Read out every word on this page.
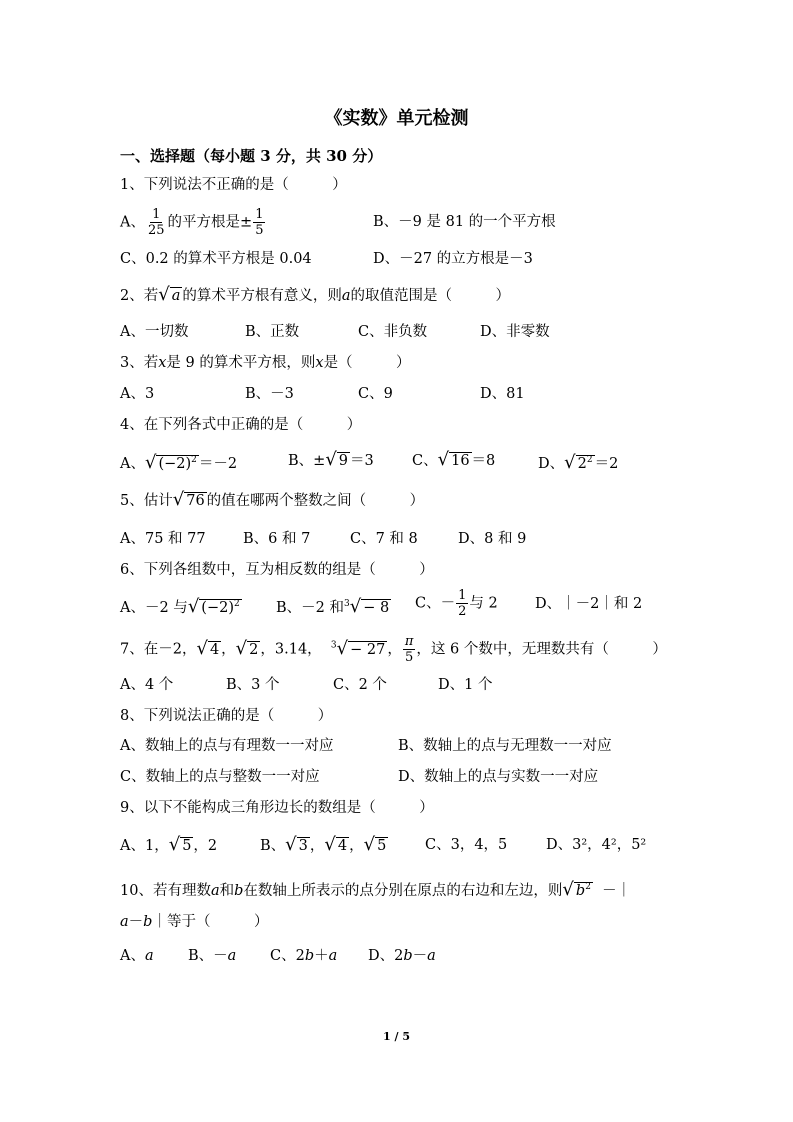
《实数》单元检测
一、选择题（每小题 3 分，共 30 分）
1、下列说法不正确的是（　　　）
A、 $\frac{1}{25}$ 的平方根是± $\frac{1}{5}$	B、－9 是 81 的一个平方根
C、0.2 的算术平方根是 0.04	D、－27 的立方根是－3
2、若√ a 的算术平方根有意义，则a的取值范围是（　　　）
A、一切数	B、正数	C、非负数	D、非零数
3、若x是 9 的算术平方根，则x是（　　　）
A、3	B、－3	C、9	D、81
4、在下列各式中正确的是（　　　）
A、√ $(-2)^2 =-2$	B、±√ 9 ＝3	C、√ 16 ＝8	D、√ $2^2 =2$
5、估计√ 76 的值在哪两个整数之间（　　　）
A、75 和 77	B、6 和 7	C、7 和 8	D、8 和 9
6、下列各组数中，互为相反数的组是（　　　）
A、－2 与√ $(-2)^2$	B、－2 和$^3$√ − 8 C、－ $\frac{1}{2}$ 与 2	D、｜－2｜和 2
7、在－2，√ 4 ，√ 2 ，3.14， $^3$√ − 27 ， $\frac{\pi}{5}$ ，这 6 个数中，无理数共有（　　　）
A、4 个	B、3 个	C、2 个	D、1 个
8、下列说法正确的是（　　　）
A、数轴上的点与有理数一一对应	B、数轴上的点与无理数一一对应
C、数轴上的点与整数一一对应	D、数轴上的点与实数一一对应
9、以下不能构成三角形边长的数组是（　　　）
A、1，√ 5 ，2	B、√ 3 ，√ 4 ，√ 5	C、3，4，5	D、3²，4²，5²
10、若有理数a和b在数轴上所表示的点分别在原点的右边和左边，则√ $b^2$ －｜
a－b｜等于（　　　）
A、a B、－a C、2b＋a D、2b－a
1 / 5
